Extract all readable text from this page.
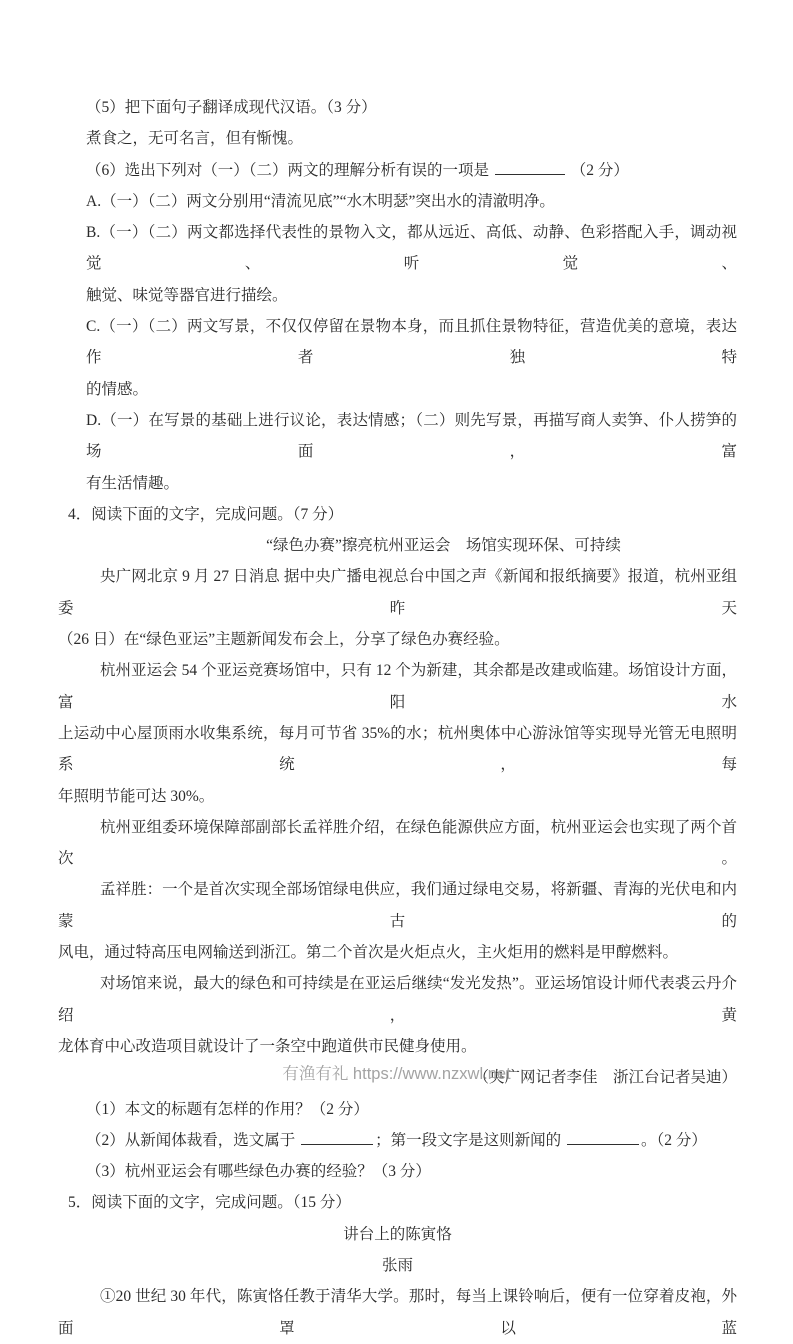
（5）把下面句子翻译成现代汉语。（3 分）
煮食之，无可名言，但有惭愧。
（6）选出下列对（一）（二）两文的理解分析有误的一项是	（2 分）
A.（一）（二）两文分别用“清流见底”“水木明瑟”突出水的清澈明净。
B.（一）（二）两文都选择代表性的景物入文，都从远近、高低、动静、色彩搭配入手，调动视觉、听觉、
触觉、味觉等器官进行描绘。
C.（一）（二）两文写景，不仅仅停留在景物本身，而且抓住景物特征，营造优美的意境，表达作者独特
的情感。
D.（一）在写景的基础上进行议论，表达情感；（二）则先写景，再描写商人卖笋、仆人捞笋的场面，富
有生活情趣。
4．阅读下面的文字，完成问题。（7 分）
“绿色办赛”擦亮杭州亚运会　场馆实现环保、可持续
央广网北京 9 月 27 日消息 据中央广播电视总台中国之声《新闻和报纸摘要》报道，杭州亚组委昨天
（26 日）在“绿色亚运”主题新闻发布会上，分享了绿色办赛经验。
杭州亚运会 54 个亚运竞赛场馆中，只有 12 个为新建，其余都是改建或临建。场馆设计方面，富阳水
上运动中心屋顶雨水收集系统，每月可节省 35%的水；杭州奥体中心游泳馆等实现导光管无电照明系统，每
年照明节能可达 30%。
杭州亚组委环境保障部副部长孟祥胜介绍，在绿色能源供应方面，杭州亚运会也实现了两个首次。
孟祥胜：一个是首次实现全部场馆绿电供应，我们通过绿电交易，将新疆、青海的光伏电和内蒙古的
风电，通过特高压电网输送到浙江。第二个首次是火炬点火，主火炬用的燃料是甲醇燃料。
对场馆来说，最大的绿色和可持续是在亚运后继续“发光发热”。亚运场馆设计师代表裘云丹介绍，黄
龙体育中心改造项目就设计了一条空中跑道供市民健身使用。
（央广网记者李佳　浙江台记者吴迪）
（1）本文的标题有怎样的作用？（2 分）
（2）从新闻体裁看，选文属于	；第一段文字是这则新闻的	。（2 分）
（3）杭州亚运会有哪些绿色办赛的经验？（3 分）
5．阅读下面的文字，完成问题。（15 分）
讲台上的陈寅恪
张雨
①20 世纪 30 年代，陈寅恪任教于清华大学。那时，每当上课铃响后，便有一位穿着皮袍，外面罩以蓝
有渔有礼 https://www.nzxwl.net
